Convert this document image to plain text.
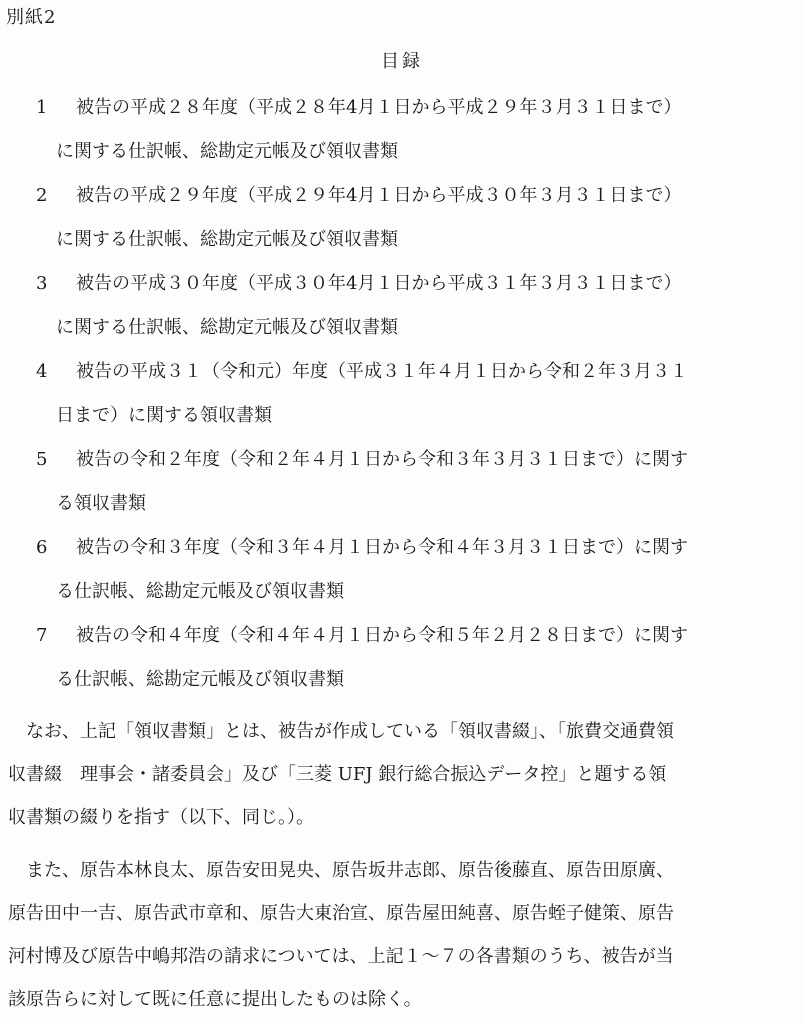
別紙2
目録
1 被告の平成２８年度（平成２８年4月１日から平成２９年３月３１日まで）
に関する仕訳帳、総勘定元帳及び領収書類
2 被告の平成２９年度（平成２９年4月１日から平成３０年３月３１日まで）
に関する仕訳帳、総勘定元帳及び領収書類
3 被告の平成３０年度（平成３０年4月１日から平成３１年３月３１日まで）
に関する仕訳帳、総勘定元帳及び領収書類
4 被告の平成３１（令和元）年度（平成３１年４月１日から令和２年３月３１
日まで）に関する領収書類
5 被告の令和２年度（令和２年４月１日から令和３年３月３１日まで）に関す
る領収書類
6 被告の令和３年度（令和３年４月１日から令和４年３月３１日まで）に関す
る仕訳帳、総勘定元帳及び領収書類
7 被告の令和４年度（令和４年４月１日から令和５年２月２８日まで）に関す
る仕訳帳、総勘定元帳及び領収書類
　なお、上記「領収書類」とは、被告が作成している「領収書綴」、「旅費交通費領
収書綴　理事会・諸委員会」及び「三菱 UFJ 銀行総合振込データ控」と題する領
収書類の綴りを指す（以下、同じ。）。
　また、原告本林良太、原告安田晃央、原告坂井志郎、原告後藤直、原告田原廣、
原告田中一吉、原告武市章和、原告大東治宣、原告屋田純喜、原告蛭子健策、原告
河村博及び原告中嶋邦浩の請求については、上記１～７の各書類のうち、被告が当
該原告らに対して既に任意に提出したものは除く。
